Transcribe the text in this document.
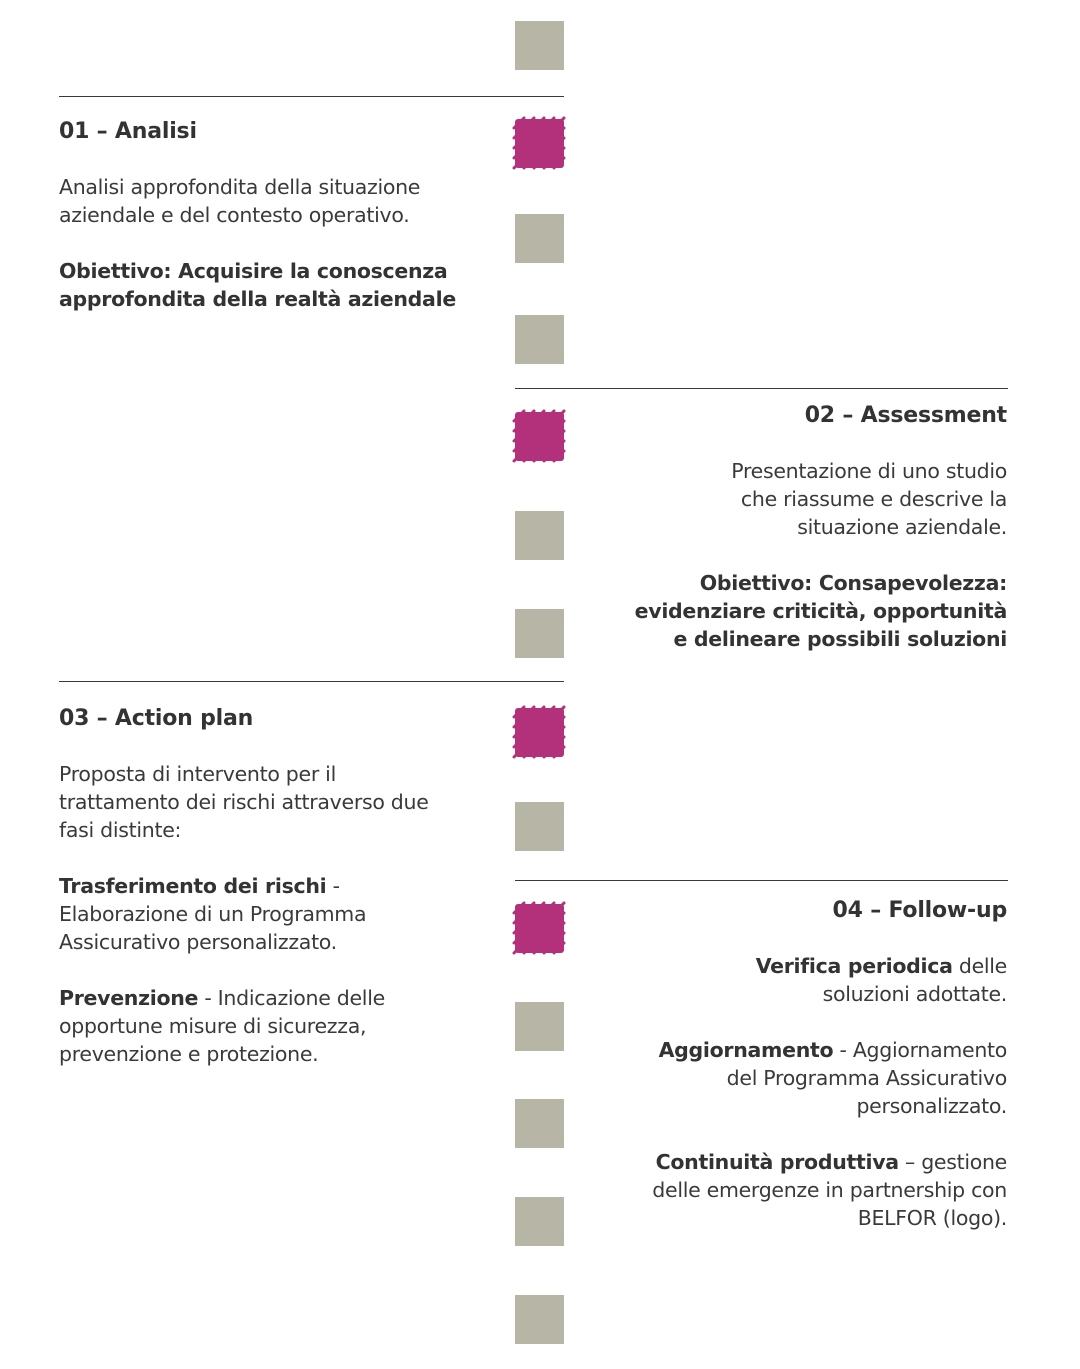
01 – Analisi

Analisi approfondita della situazione aziendale e del contesto operativo.

Obiettivo: Acquisire la conoscenza approfondita della realtà aziendale

02 – Assessment

Presentazione di uno studio che riassume e descrive la situazione aziendale.

Obiettivo: Consapevolezza: evidenziare criticità, opportunità e delineare possibili soluzioni

03 – Action plan

Proposta di intervento per il trattamento dei rischi attraverso due fasi distinte:

Trasferimento dei rischi - Elaborazione di un Programma Assicurativo personalizzato.

Prevenzione - Indicazione delle opportune misure di sicurezza, prevenzione e protezione.

04 – Follow-up

Verifica periodica delle soluzioni adottate.

Aggiornamento - Aggiornamento del Programma Assicurativo personalizzato.

Continuità produttiva – gestione delle emergenze in partnership con BELFOR (logo).
